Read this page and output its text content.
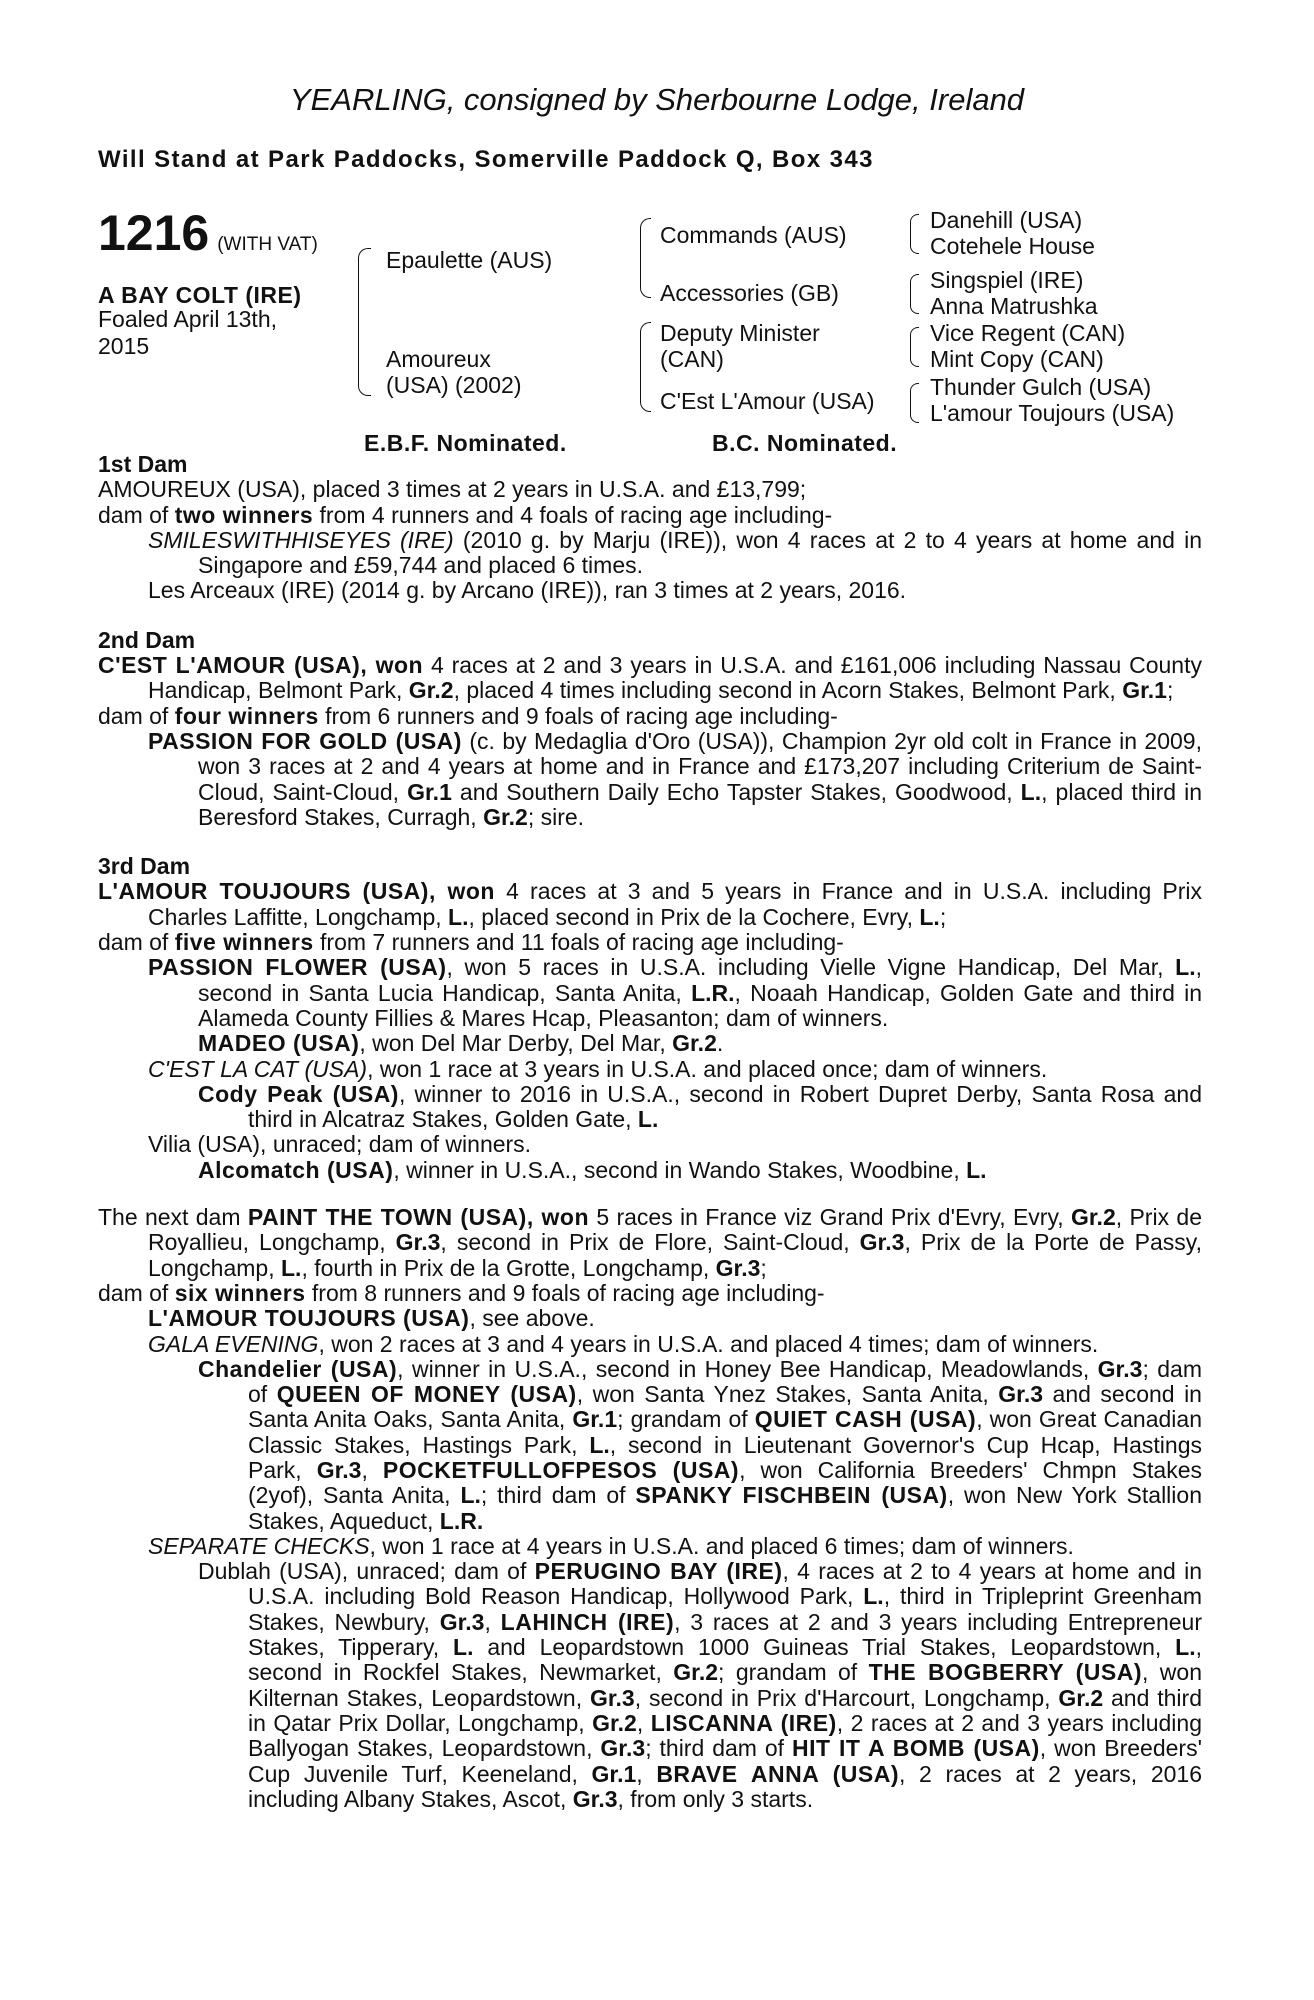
YEARLING, consigned by Sherbourne Lodge, Ireland
Will Stand at Park Paddocks, Somerville Paddock Q, Box 343
1216 (WITH VAT)
A BAY COLT (IRE)
Foaled April 13th, 2015
Epaulette (AUS)
Amoureux (USA) (2002)
Commands (AUS)
Accessories (GB)
Deputy Minister (CAN)
C'Est L'Amour (USA)
Danehill (USA)
Cotehele House
Singspiel (IRE)
Anna Matrushka
Vice Regent (CAN)
Mint Copy (CAN)
Thunder Gulch (USA)
L'amour Toujours (USA)
E.B.F. Nominated.	B.C. Nominated.
1st Dam
AMOUREUX (USA), placed 3 times at 2 years in U.S.A. and £13,799;
dam of two winners from 4 runners and 4 foals of racing age including-
SMILESWITHHISEYES (IRE) (2010 g. by Marju (IRE)), won 4 races at 2 to 4 years at home and in Singapore and £59,744 and placed 6 times.
Les Arceaux (IRE) (2014 g. by Arcano (IRE)), ran 3 times at 2 years, 2016.
2nd Dam
C'EST L'AMOUR (USA), won 4 races at 2 and 3 years in U.S.A. and £161,006 including Nassau County Handicap, Belmont Park, Gr.2, placed 4 times including second in Acorn Stakes, Belmont Park, Gr.1;
dam of four winners from 6 runners and 9 foals of racing age including-
PASSION FOR GOLD (USA) (c. by Medaglia d'Oro (USA)), Champion 2yr old colt in France in 2009, won 3 races at 2 and 4 years at home and in France and £173,207 including Criterium de Saint-Cloud, Saint-Cloud, Gr.1 and Southern Daily Echo Tapster Stakes, Goodwood, L., placed third in Beresford Stakes, Curragh, Gr.2; sire.
3rd Dam
L'AMOUR TOUJOURS (USA), won 4 races at 3 and 5 years in France and in U.S.A. including Prix Charles Laffitte, Longchamp, L., placed second in Prix de la Cochere, Evry, L.;
dam of five winners from 7 runners and 11 foals of racing age including-
PASSION FLOWER (USA), won 5 races in U.S.A. including Vielle Vigne Handicap, Del Mar, L., second in Santa Lucia Handicap, Santa Anita, L.R., Noaah Handicap, Golden Gate and third in Alameda County Fillies & Mares Hcap, Pleasanton; dam of winners.
MADEO (USA), won Del Mar Derby, Del Mar, Gr.2.
C'EST LA CAT (USA), won 1 race at 3 years in U.S.A. and placed once; dam of winners.
Cody Peak (USA), winner to 2016 in U.S.A., second in Robert Dupret Derby, Santa Rosa and third in Alcatraz Stakes, Golden Gate, L.
Vilia (USA), unraced; dam of winners.
Alcomatch (USA), winner in U.S.A., second in Wando Stakes, Woodbine, L.
The next dam PAINT THE TOWN (USA), won 5 races in France viz Grand Prix d'Evry, Evry, Gr.2, Prix de Royallieu, Longchamp, Gr.3, second in Prix de Flore, Saint-Cloud, Gr.3, Prix de la Porte de Passy, Longchamp, L., fourth in Prix de la Grotte, Longchamp, Gr.3;
dam of six winners from 8 runners and 9 foals of racing age including-
L'AMOUR TOUJOURS (USA), see above.
GALA EVENING, won 2 races at 3 and 4 years in U.S.A. and placed 4 times; dam of winners.
Chandelier (USA), winner in U.S.A., second in Honey Bee Handicap, Meadowlands, Gr.3; dam of QUEEN OF MONEY (USA), won Santa Ynez Stakes, Santa Anita, Gr.3 and second in Santa Anita Oaks, Santa Anita, Gr.1; grandam of QUIET CASH (USA), won Great Canadian Classic Stakes, Hastings Park, L., second in Lieutenant Governor's Cup Hcap, Hastings Park, Gr.3, POCKETFULLOFPESOS (USA), won California Breeders' Chmpn Stakes (2yof), Santa Anita, L.; third dam of SPANKY FISCHBEIN (USA), won New York Stallion Stakes, Aqueduct, L.R.
SEPARATE CHECKS, won 1 race at 4 years in U.S.A. and placed 6 times; dam of winners.
Dublah (USA), unraced; dam of PERUGINO BAY (IRE), 4 races at 2 to 4 years at home and in U.S.A. including Bold Reason Handicap, Hollywood Park, L., third in Tripleprint Greenham Stakes, Newbury, Gr.3, LAHINCH (IRE), 3 races at 2 and 3 years including Entrepreneur Stakes, Tipperary, L. and Leopardstown 1000 Guineas Trial Stakes, Leopardstown, L., second in Rockfel Stakes, Newmarket, Gr.2; grandam of THE BOGBERRY (USA), won Kilternan Stakes, Leopardstown, Gr.3, second in Prix d'Harcourt, Longchamp, Gr.2 and third in Qatar Prix Dollar, Longchamp, Gr.2, LISCANNA (IRE), 2 races at 2 and 3 years including Ballyogan Stakes, Leopardstown, Gr.3; third dam of HIT IT A BOMB (USA), won Breeders' Cup Juvenile Turf, Keeneland, Gr.1, BRAVE ANNA (USA), 2 races at 2 years, 2016 including Albany Stakes, Ascot, Gr.3, from only 3 starts.
